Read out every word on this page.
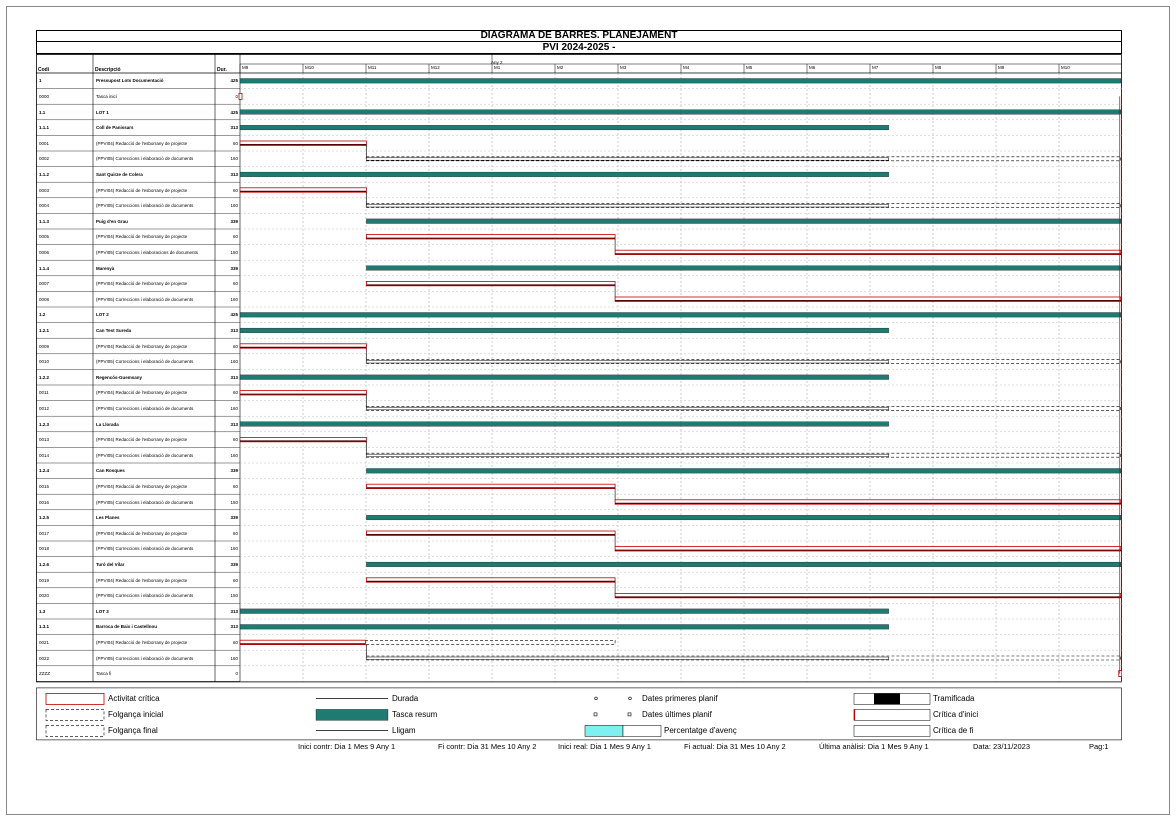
DIAGRAMA DE BARRES. PLANEJAMENT
PVI 2024-2025 -
Codi	Descripció	Dur.
Any 2
M9	M10	M11	M12	M1	M2	M3	M4	M5	M6	M7	M8	M9	M10
1	Pressupost Lots Documentació	425
0000	Tasca inici	0
1.1	LOT 1	425
1.1.1	Coll de Panissars	313
0001	(PPVI04) Redacció de l'esborrany de projecte	60
0002	(PPVI05) Correccions i elaboració de documents	160
1.1.2	Sant Quirze de Colera	313
0003	(PPVI04) Redacció de l'esborrany de projecte	60
0004	(PPVI05) Correccions i elaboració de documents	160
1.1.3	Puig d'en Grau	339
0005	(PPVI04) Redacció de l'esborrany de projecte	60
0006	(PPVI05) Correccions i elaboracions de documents	150
1.1.4	Marenyà	339
0007	(PPVI04) Redacció de l'esborrany de projecte	60
0008	(PPVI05) Correccions i elaboració de documents	160
1.2	LOT 2	425
1.2.1	Can Test Sureda	313
0009	(PPVI04) Redacció de l'esborrany de projecte	60
0010	(PPVI05) Correccions i elaboració de documents	160
1.2.2	Regencós-Guemsany	313
0011	(PPVI04) Redacció de l'esborrany de projecte	60
0012	(PPVI05) Correccions i elaboració de documents	160
1.2.3	La Llorada	313
0013	(PPVI04) Redacció de l'esborrany de projecte	60
0014	(PPVI05) Correccions i elaboració de documents	160
1.2.4	Can Rosques	339
0015	(PPVI04) Redacció de l'esborrany de projecte	60
0016	(PPVI05) Correccions i elaboració de documents	150
1.2.5	Les Planes	339
0017	(PPVI04) Redacció de l'esborrany de projecte	60
0018	(PPVI05) Correccions i elaboració de documents	160
1.2.6	Turó del Vilar	339
0019	(PPVI04) Redacció de l'esborrany de projecte	60
0020	(PPVI05) Correccions i elaboració de documents	150
1.3	LOT 3	313
1.3.1	Barroca de Baix i Castellnou	313
0021	(PPVI04) Redacció de l'esborrany de projecte	60
0022	(PPVI05) Correccions i elaboració de documents	160
ZZZZ	Tasca fi	0
Activitat crítica
Folgança inicial
Folgança final
Durada
Tasca resum
Lligam
Dates primeres planif
Dates últimes planif
Percentatge d'avenç
Tramificada
Crítica d'inici
Crítica de fi
Inici contr: Dia 1 Mes 9 Any 1	Fi contr: Dia 31 Mes 10 Any 2	Inici real: Dia 1 Mes 9 Any 1	Fi actual: Dia 31 Mes 10 Any 2	Última anàlisi: Dia 1 Mes 9 Any 1	Data: 23/11/2023	Pag:1
